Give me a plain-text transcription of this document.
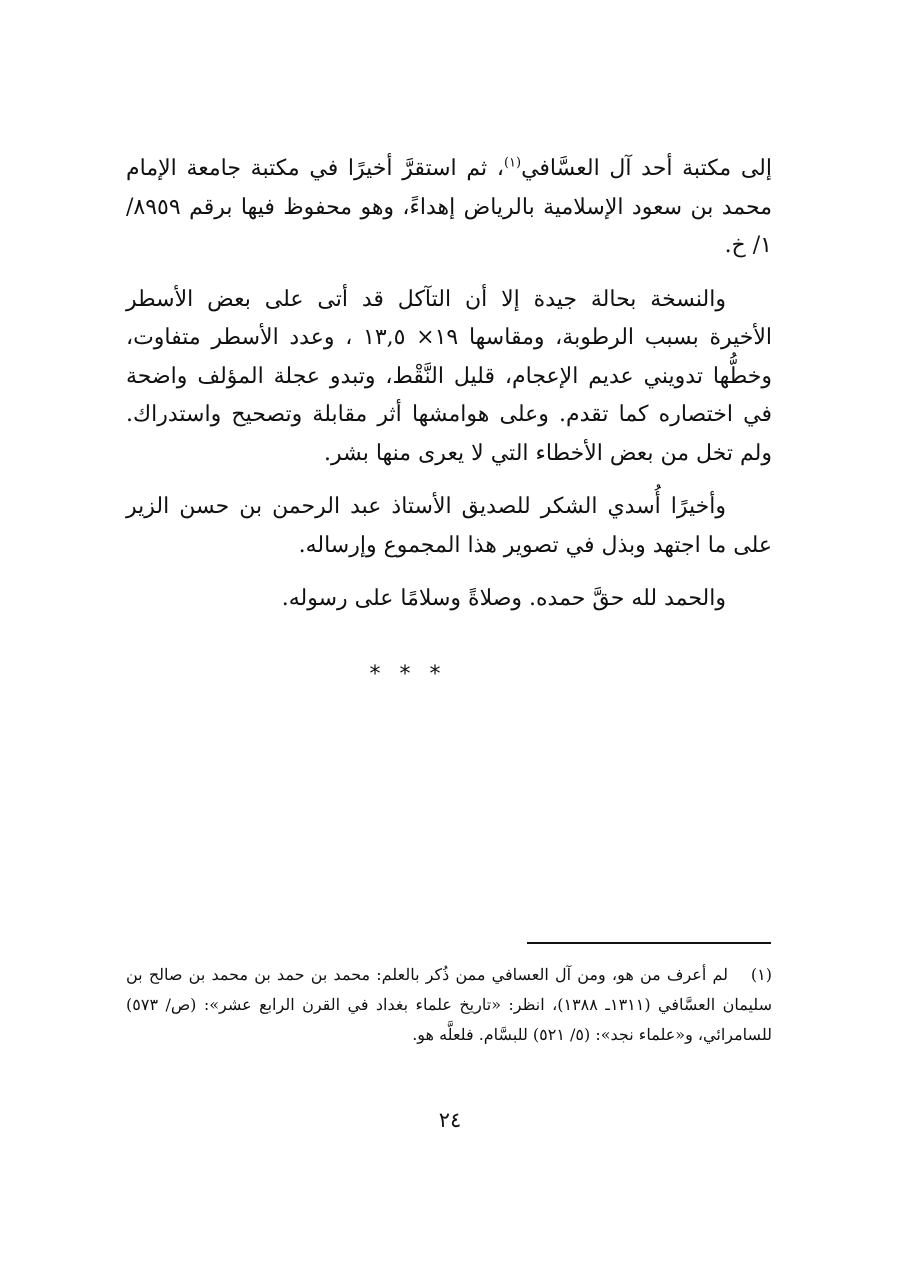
إلى مكتبة أحد آل العسَّافي$^{(١)}$، ثم استقرَّ أخيرًا في مكتبة جامعة الإمام محمد بن سعود الإسلامية بالرياض إهداءً، وهو محفوظ فيها برقم ٨٩٥٩/ ١/ خ.

والنسخة بحالة جيدة إلا أن التآكل قد أتى على بعض الأسطر الأخيرة بسبب الرطوبة، ومقاسها ١٩× ١٣,٥ ، وعدد الأسطر متفاوت، وخطُّها تدويني عديم الإعجام، قليل النَّقْط، وتبدو عجلة المؤلف واضحة في اختصاره كما تقدم. وعلى هوامشها أثر مقابلة وتصحيح واستدراك. ولم تخل من بعض الأخطاء التي لا يعرى منها بشر.

وأخيرًا أُسدي الشكر للصديق الأستاذ عبد الرحمن بن حسن الزير على ما اجتهد وبذل في تصوير هذا المجموع وإرساله.

والحمد لله حقَّ حمده. وصلاةً وسلامًا على رسوله.

* * *
(١)لم أعرف من هو، ومن آل العسافي ممن ذُكر بالعلم: محمد بن حمد بن محمد بن صالح بن سليمان العسَّافي (١٣١١ـ ١٣٨٨)، انظر: «تاريخ علماء بغداد في القرن الرابع عشر»: (ص/ ٥٧٣) للسامرائي، و«علماء نجد»: (٥/ ٥٢١) للبسَّام. فلعلَّه هو.
٢٤
